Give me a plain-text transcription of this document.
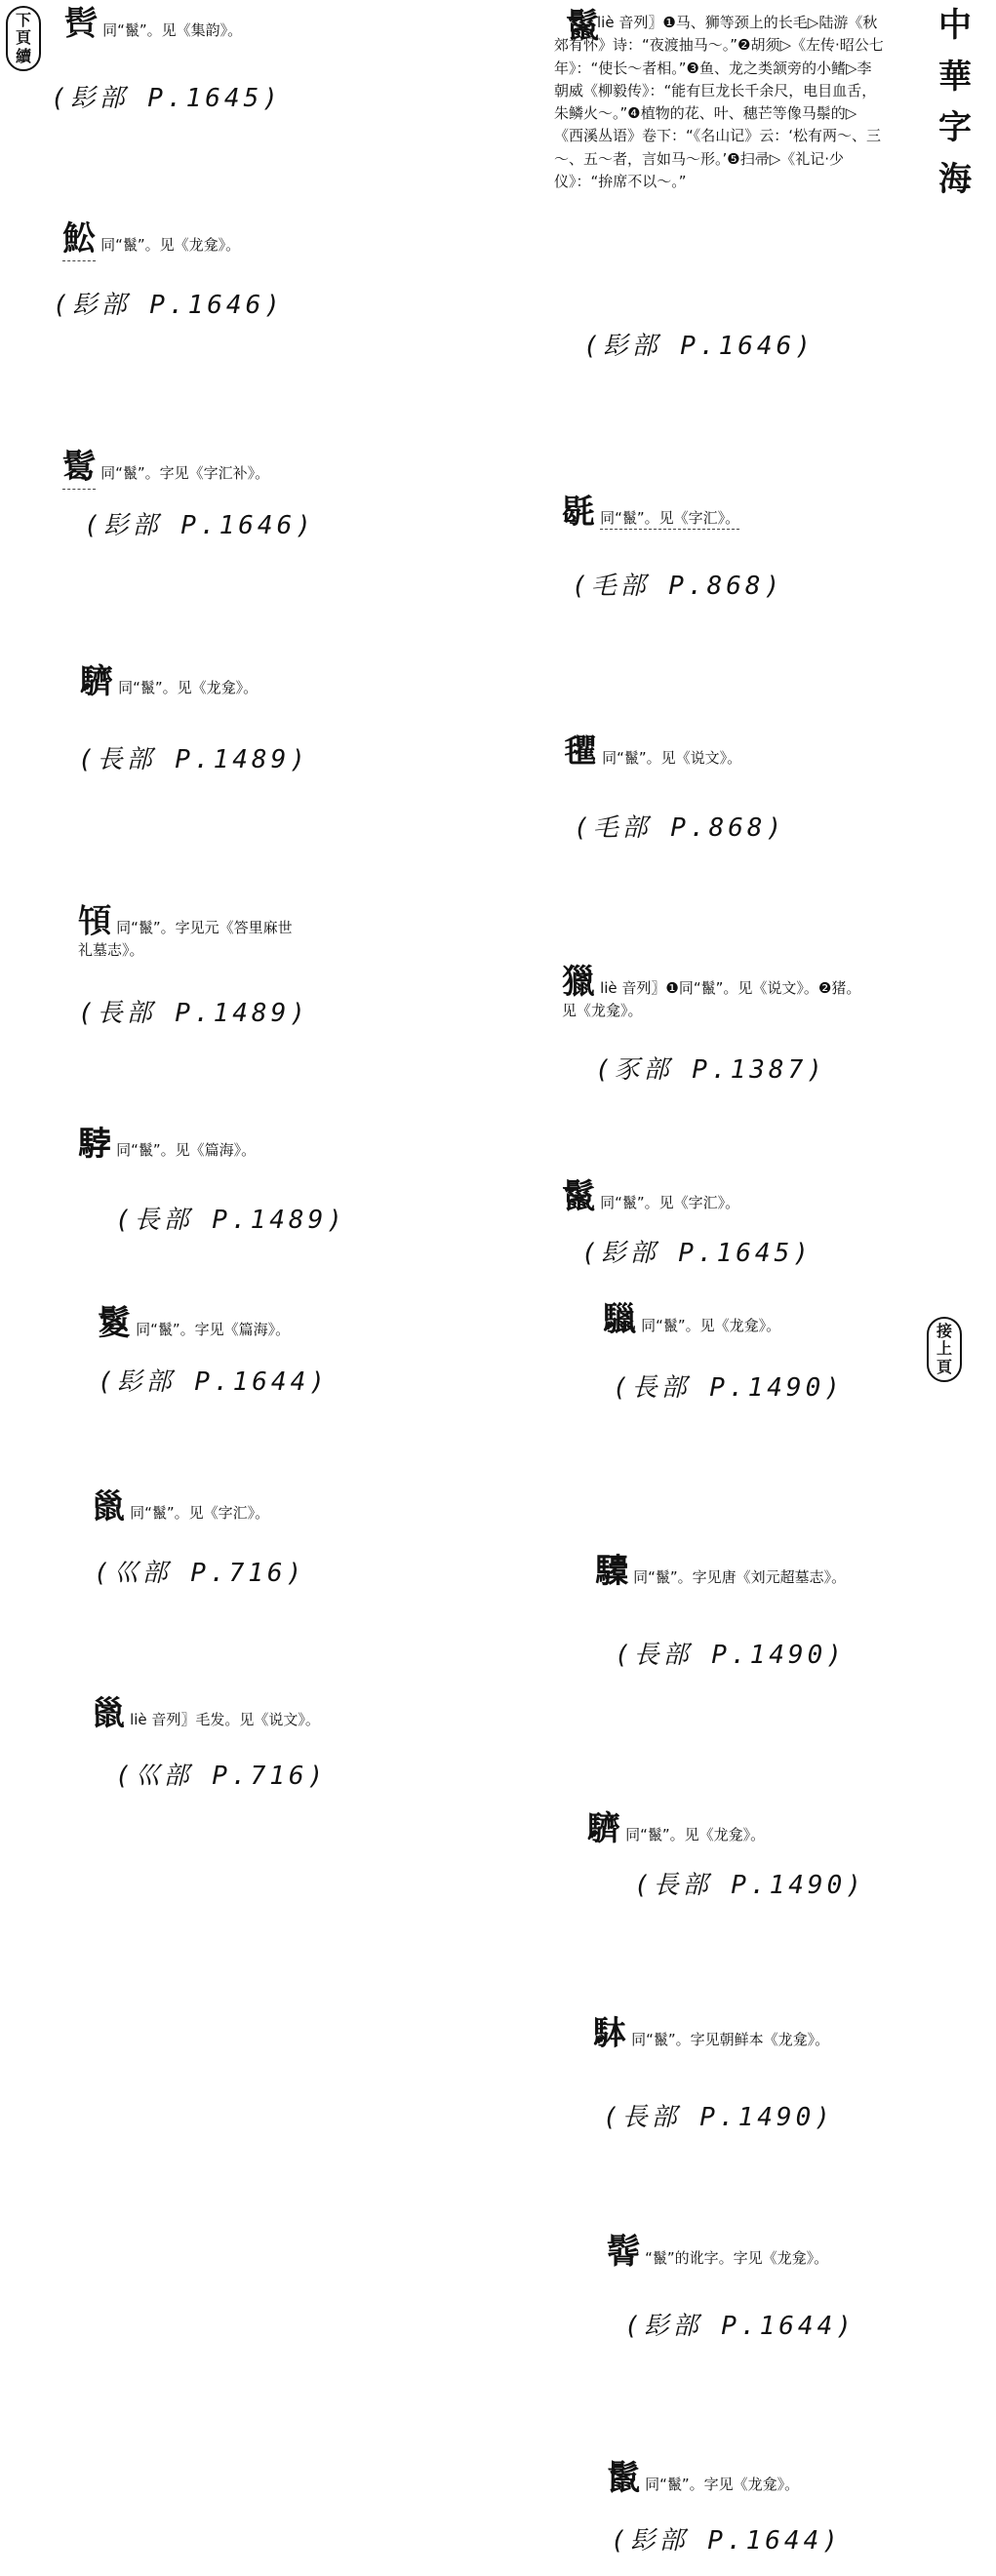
中
華
字
海
下頁續
接上頁
𩬫 同“鬣”。见《集韵》。
(髟部 P.1645)
䰸 同“鬣”。见《龙龛》。
(髟部 P.1646)
𩮂 同“鬣”。字见《字汇补》。
(髟部 P.1646)
䮺 同“鬣”。见《龙龛》。
(長部 P.1489)
𩑤 同“鬣”。字见元《答里麻世礼墓志》。
(長部 P.1489)
𩣡 同“鬣”。见《篇海》。
(長部 P.1489)
鬉 同“鬣”。字见《篇海》。
(髟部 P.1644)
巤 同“鬣”。见《字汇》。
(巛部 P.716)
巤 liè 音列〗毛发。见《说文》。
(巛部 P.716)
鬣
liè 音列〗❶马、狮等颈上的长毛▷陆游《秋郊有怀》诗：“夜渡抽马～。”❷胡须▷《左传·昭公七年》：“使长～者相。”❸鱼、龙之类颔旁的小鳍▷李朝威《柳毅传》：“能有巨龙长千余尺，电目血舌，朱鳞火～。”❹植物的花、叶、穗芒等像马鬃的▷《西溪丛语》卷下：“《名山记》云：‘松有两～、三～、五～者，言如马～形。’❺扫帚▷《礼记·少仪》：“拚席不以～。”
(髟部 P.1646)
毼 同“鬣”。见《字汇》。
(毛部 P.868)
𣰽 同“鬣”。见《说文》。
(毛部 P.868)
獵 liè 音列〗❶同“鬣”。见《说文》。❷猪。见《龙龛》。
(豕部 P.1387)
鬣 同“鬣”。见《字汇》。
(髟部 P.1645)
𩧆 同“鬣”。见《龙龛》。
(長部 P.1490)
𩧐 同“鬣”。字见唐《刘元超墓志》。
(長部 P.1490)
䮺 同“鬣”。见《龙龛》。
(長部 P.1490)
𩢕 同“鬣”。字见朝鲜本《龙龛》。
(長部 P.1490)
𩭿 “鬣”的讹字。字见《龙龛》。
(髟部 P.1644)
鬛 同“鬣”。字见《龙龛》。
(髟部 P.1644)
